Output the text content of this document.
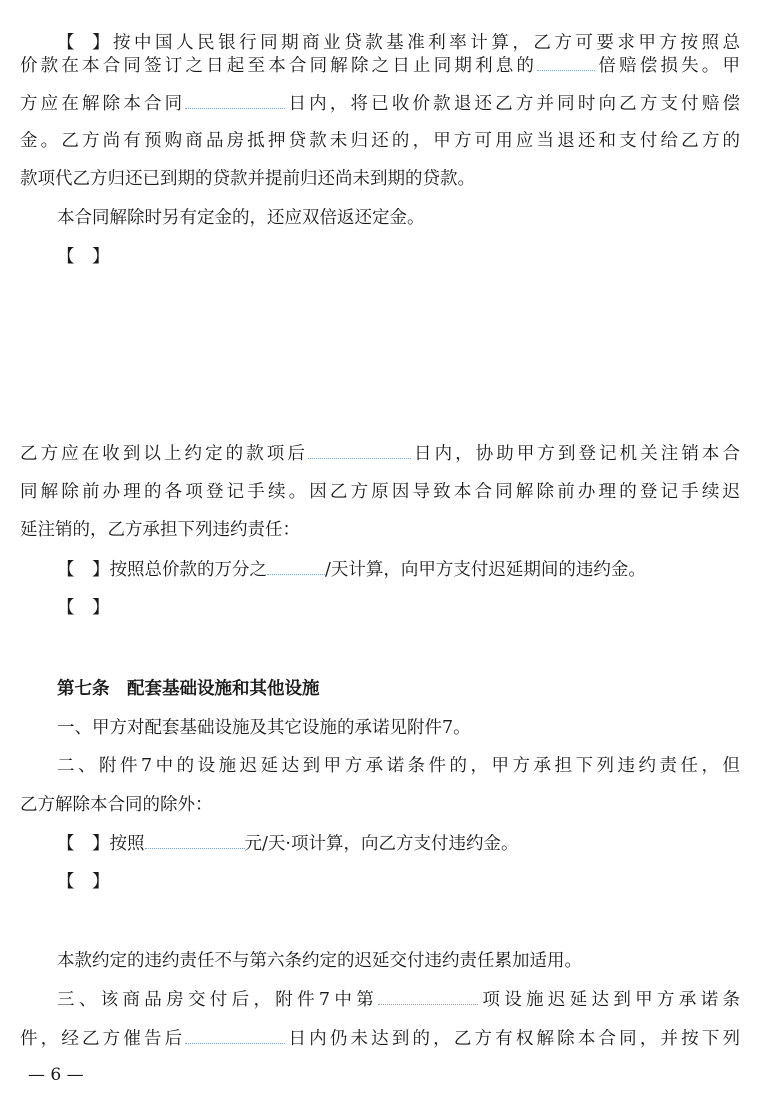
【　】按中国人民银行同期商业贷款基准利率计算，乙方可要求甲方按照总
价款在本合同签订之日起至本合同解除之日止同期利息的	倍赔偿损失。甲
方应在解除本合同	日内，将已收价款退还乙方并同时向乙方支付赔偿
金。乙方尚有预购商品房抵押贷款未归还的，甲方可用应当退还和支付给乙方的
款项代乙方归还已到期的贷款并提前归还尚未到期的贷款。
本合同解除时另有定金的，还应双倍返还定金。
【　】
乙方应在收到以上约定的款项后	日内，协助甲方到登记机关注销本合
同解除前办理的各项登记手续。因乙方原因导致本合同解除前办理的登记手续迟
延注销的，乙方承担下列违约责任：
【　】按照总价款的万分之	/天计算，向甲方支付迟延期间的违约金。
【　】
第七条　配套基础设施和其他设施
一、甲方对配套基础设施及其它设施的承诺见附件7。
二、附件7中的设施迟延达到甲方承诺条件的，甲方承担下列违约责任，但
乙方解除本合同的除外：
【　】按照	元/天·项计算，向乙方支付违约金。
【　】
本款约定的违约责任不与第六条约定的迟延交付违约责任累加适用。
三、该商品房交付后，附件7中第	项设施迟延达到甲方承诺条
件，经乙方催告后	日内仍未达到的，乙方有权解除本合同，并按下列
— 6 —
